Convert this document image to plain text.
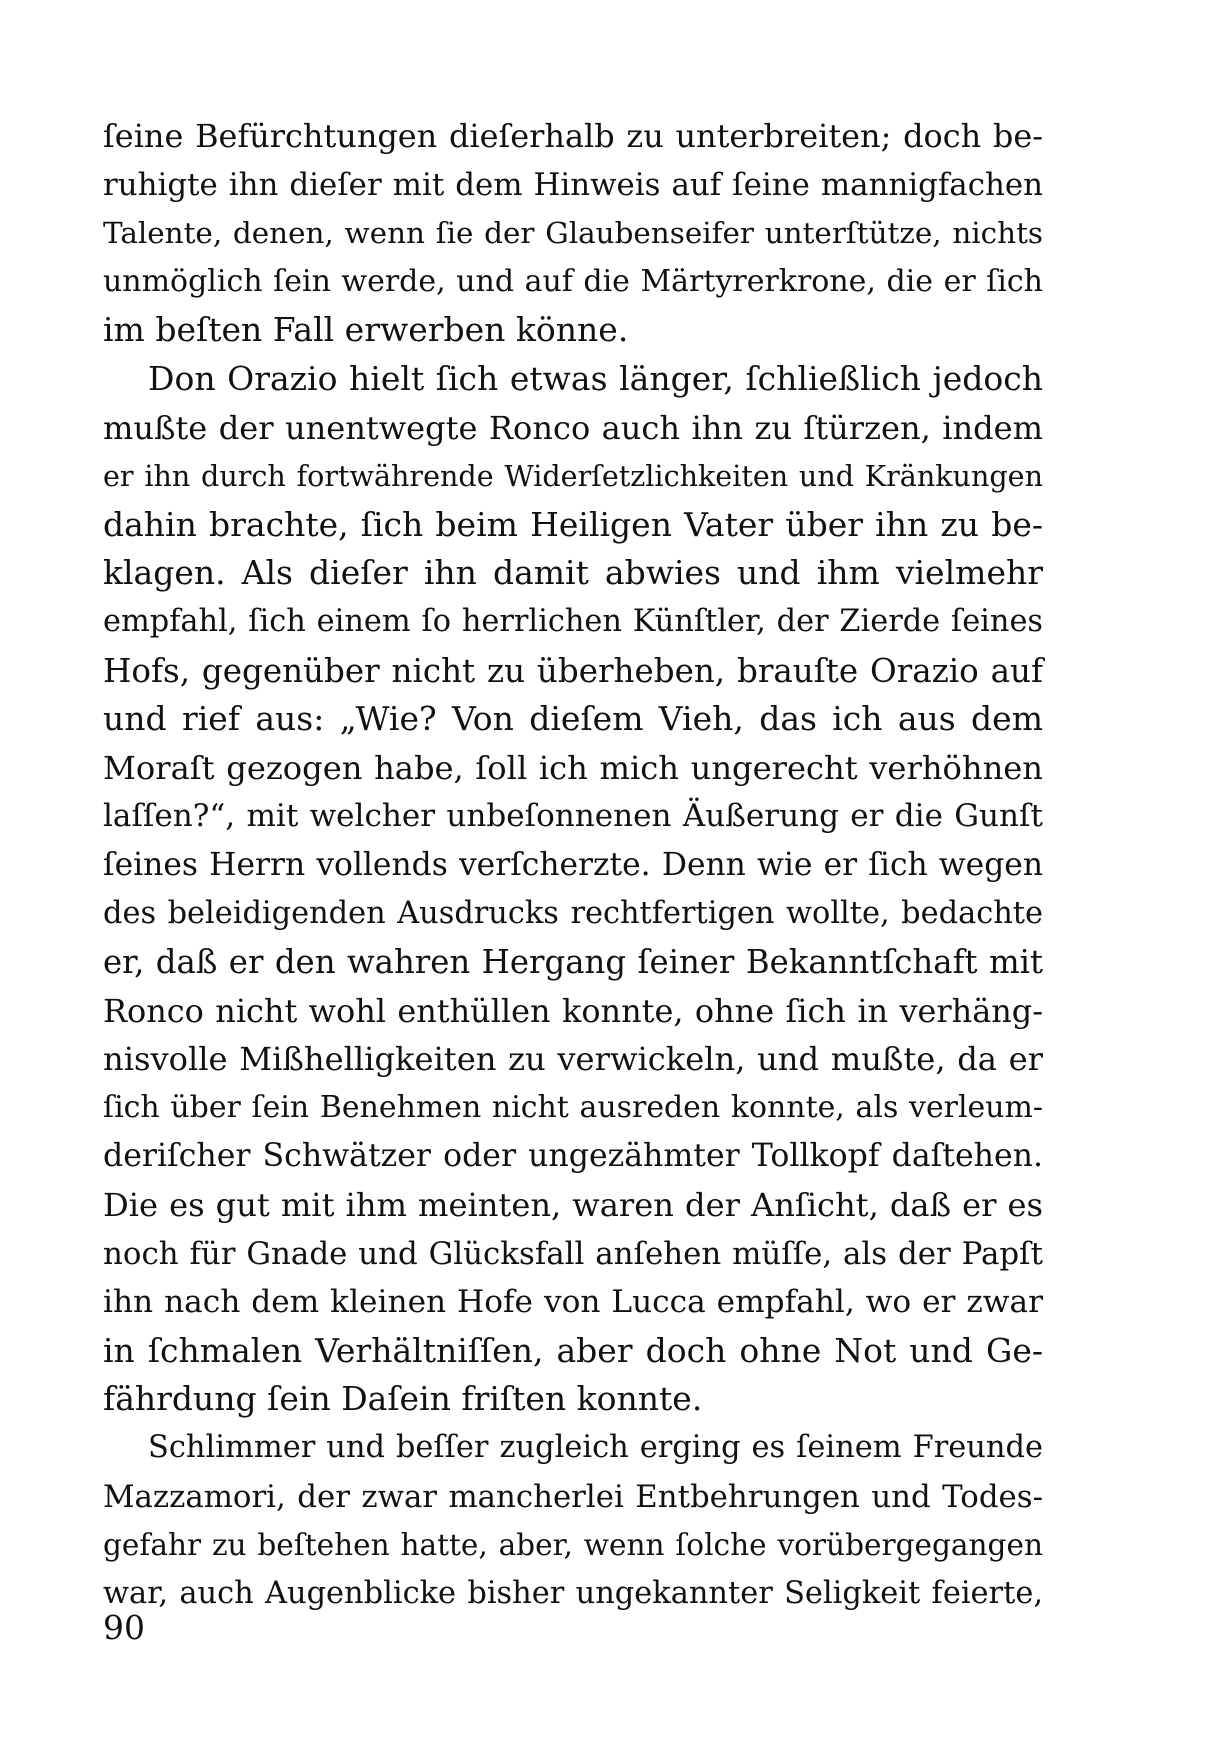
ſeine Befürchtungen dieſerhalb zu unterbreiten; doch be-
ruhigte ihn dieſer mit dem Hinweis auf ſeine mannigfachen
Talente, denen, wenn ſie der Glaubenseifer unterſtütze, nichts
unmöglich ſein werde, und auf die Märtyrerkrone, die er ſich
im beſten Fall erwerben könne.
Don Orazio hielt ſich etwas länger, ſchließlich jedoch
mußte der unentwegte Ronco auch ihn zu ſtürzen, indem
er ihn durch fortwährende Widerſetzlichkeiten und Kränkungen
dahin brachte, ſich beim Heiligen Vater über ihn zu be-
klagen. Als dieſer ihn damit abwies und ihm vielmehr
empfahl, ſich einem ſo herrlichen Künſtler, der Zierde ſeines
Hofs, gegenüber nicht zu überheben, brauſte Orazio auf
und rief aus: „Wie? Von dieſem Vieh, das ich aus dem
Moraſt gezogen habe, ſoll ich mich ungerecht verhöhnen
laſſen?“, mit welcher unbeſonnenen Äußerung er die Gunſt
ſeines Herrn vollends verſcherzte. Denn wie er ſich wegen
des beleidigenden Ausdrucks rechtfertigen wollte, bedachte
er, daß er den wahren Hergang ſeiner Bekanntſchaft mit
Ronco nicht wohl enthüllen konnte, ohne ſich in verhäng-
nisvolle Mißhelligkeiten zu verwickeln, und mußte, da er
ſich über ſein Benehmen nicht ausreden konnte, als verleum-
deriſcher Schwätzer oder ungezähmter Tollkopf daſtehen.
Die es gut mit ihm meinten, waren der Anſicht, daß er es
noch für Gnade und Glücksfall anſehen müſſe, als der Papſt
ihn nach dem kleinen Hofe von Lucca empfahl, wo er zwar
in ſchmalen Verhältniſſen, aber doch ohne Not und Ge-
fährdung ſein Daſein friſten konnte.
Schlimmer und beſſer zugleich erging es ſeinem Freunde
Mazzamori, der zwar mancherlei Entbehrungen und Todes-
gefahr zu beſtehen hatte, aber, wenn ſolche vorübergegangen
war, auch Augenblicke bisher ungekannter Seligkeit feierte,
90
